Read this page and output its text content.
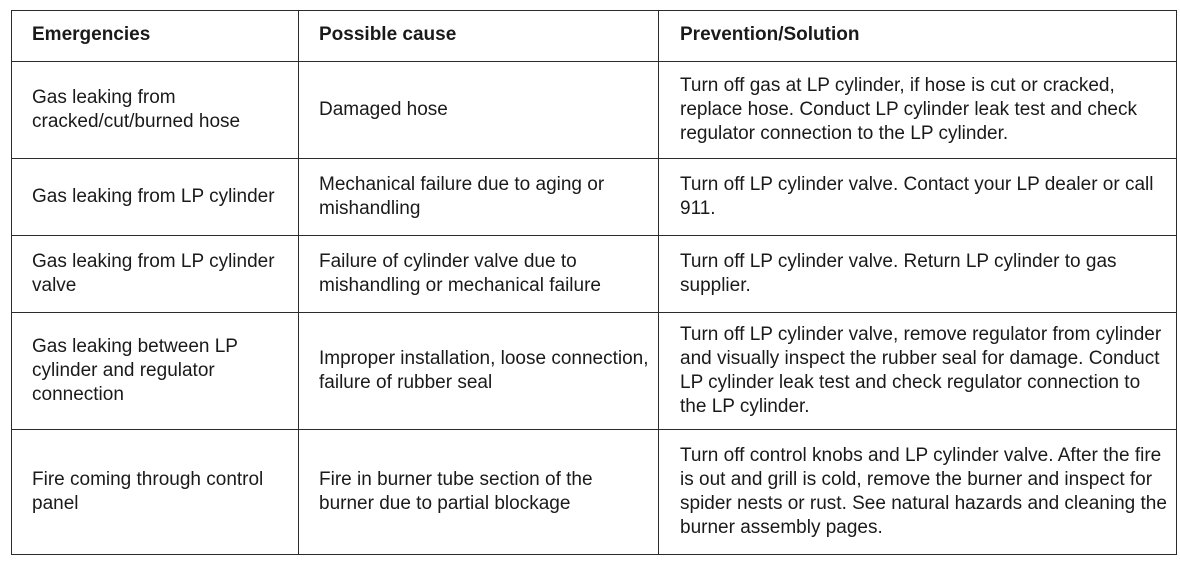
Emergencies	Possible cause	Prevention/Solution
Gas leaking from cracked/cut/burned hose	Damaged hose	Turn off gas at LP cylinder, if hose is cut or cracked, replace hose. Conduct LP cylinder leak test and check regulator connection to the LP cylinder.
Gas leaking from LP cylinder	Mechanical failure due to aging or mishandling	Turn off LP cylinder valve. Contact your LP dealer or call 911.
Gas leaking from LP cylinder valve	Failure of cylinder valve due to mishandling or mechanical failure	Turn off LP cylinder valve. Return LP cylinder to gas supplier.
Gas leaking between LP cylinder and regulator connection	Improper installation, loose connection, failure of rubber seal	Turn off LP cylinder valve, remove regulator from cylinder and visually inspect the rubber seal for damage. Conduct LP cylinder leak test and check regulator connection to the LP cylinder.
Fire coming through control panel	Fire in burner tube section of the burner due to partial blockage	Turn off control knobs and LP cylinder valve. After the fire is out and grill is cold, remove the burner and inspect for spider nests or rust. See natural hazards and cleaning the burner assembly pages.
